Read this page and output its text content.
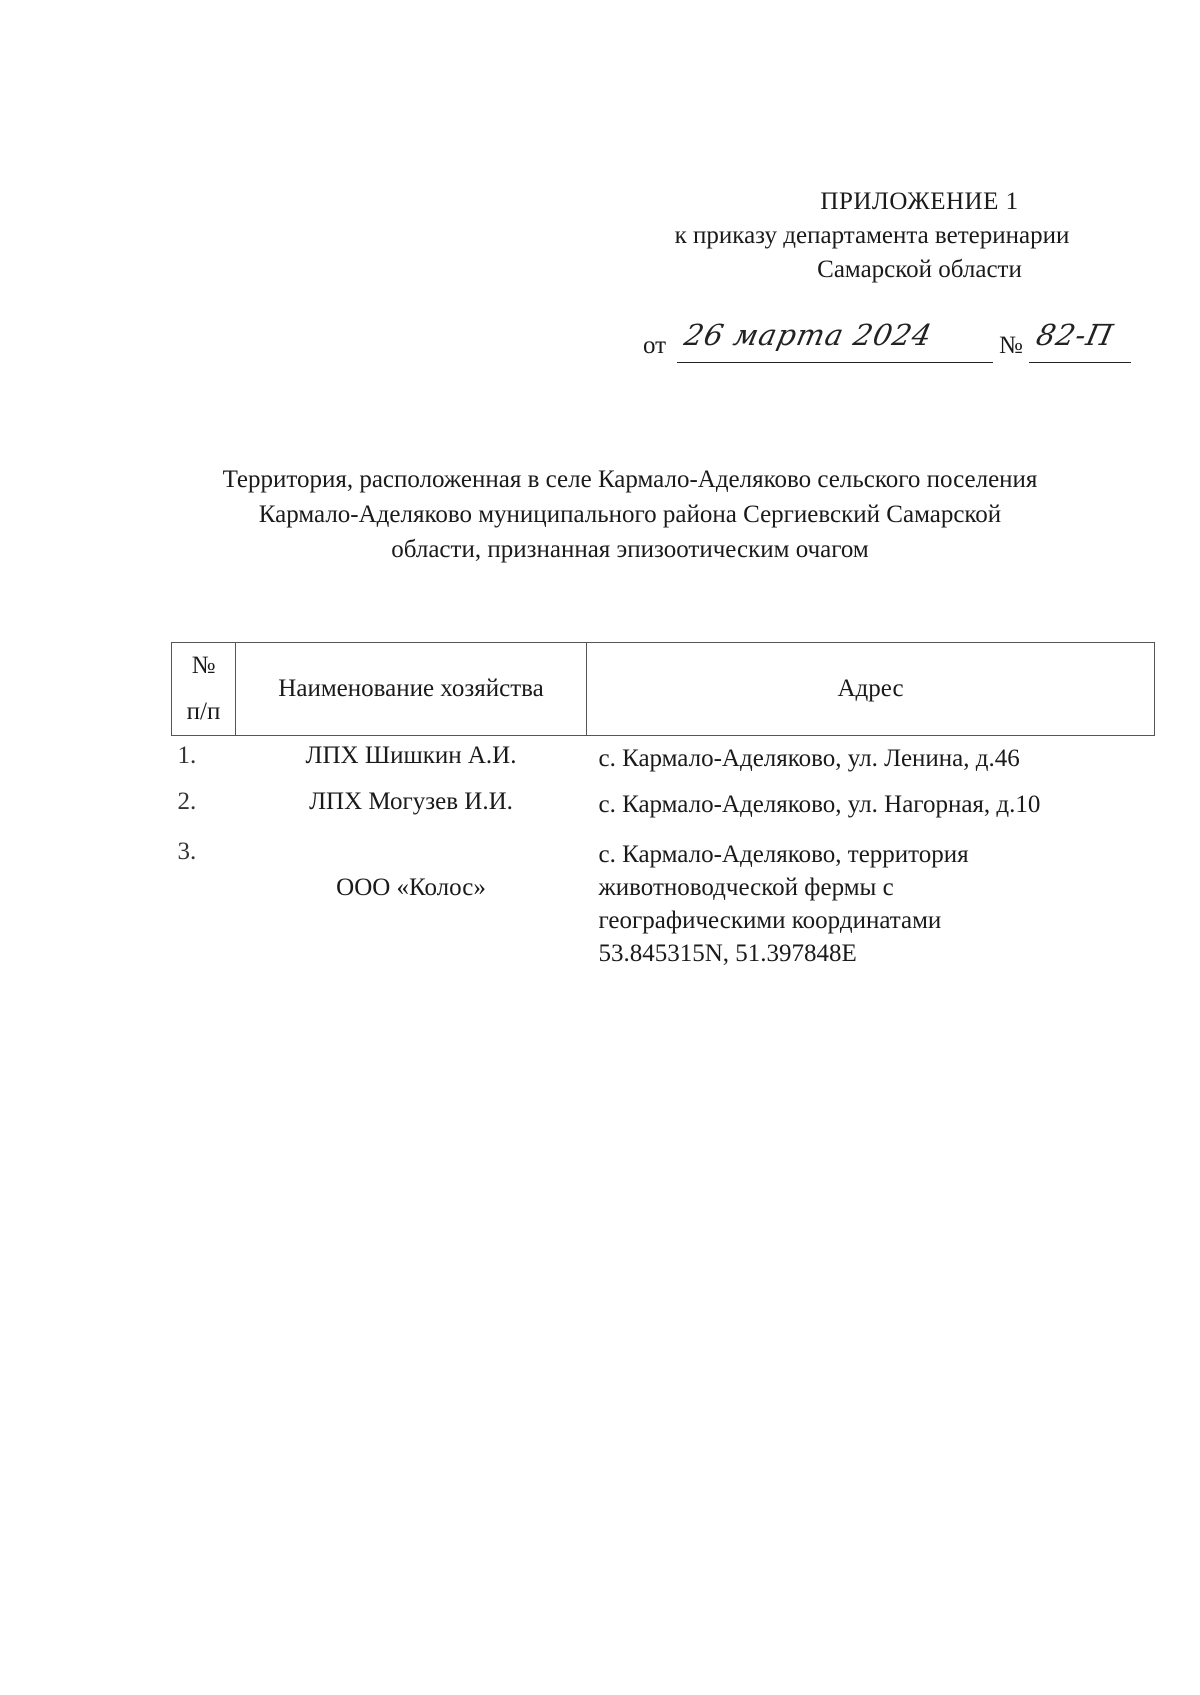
ПРИЛОЖЕНИЕ 1
к приказу департамента ветеринарии
Самарской области
от 26 марта 2024	№ 82-П
Территория, расположенная в селе Кармало-Аделяково сельского поселения
Кармало-Аделяково муниципального района Сергиевский Самарской
области, признанная эпизоотическим очагом
№
п/п	Наименование хозяйства	Адрес
1.	ЛПХ Шишкин А.И.	с. Кармало-Аделяково, ул. Ленина, д.46
2.	ЛПХ Могузев И.И.	с. Кармало-Аделяково, ул. Нагорная, д.10
3.	ООО «Колос»	с. Кармало-Аделяково, территория
животноводческой фермы с
географическими координатами
53.845315N, 51.397848E
